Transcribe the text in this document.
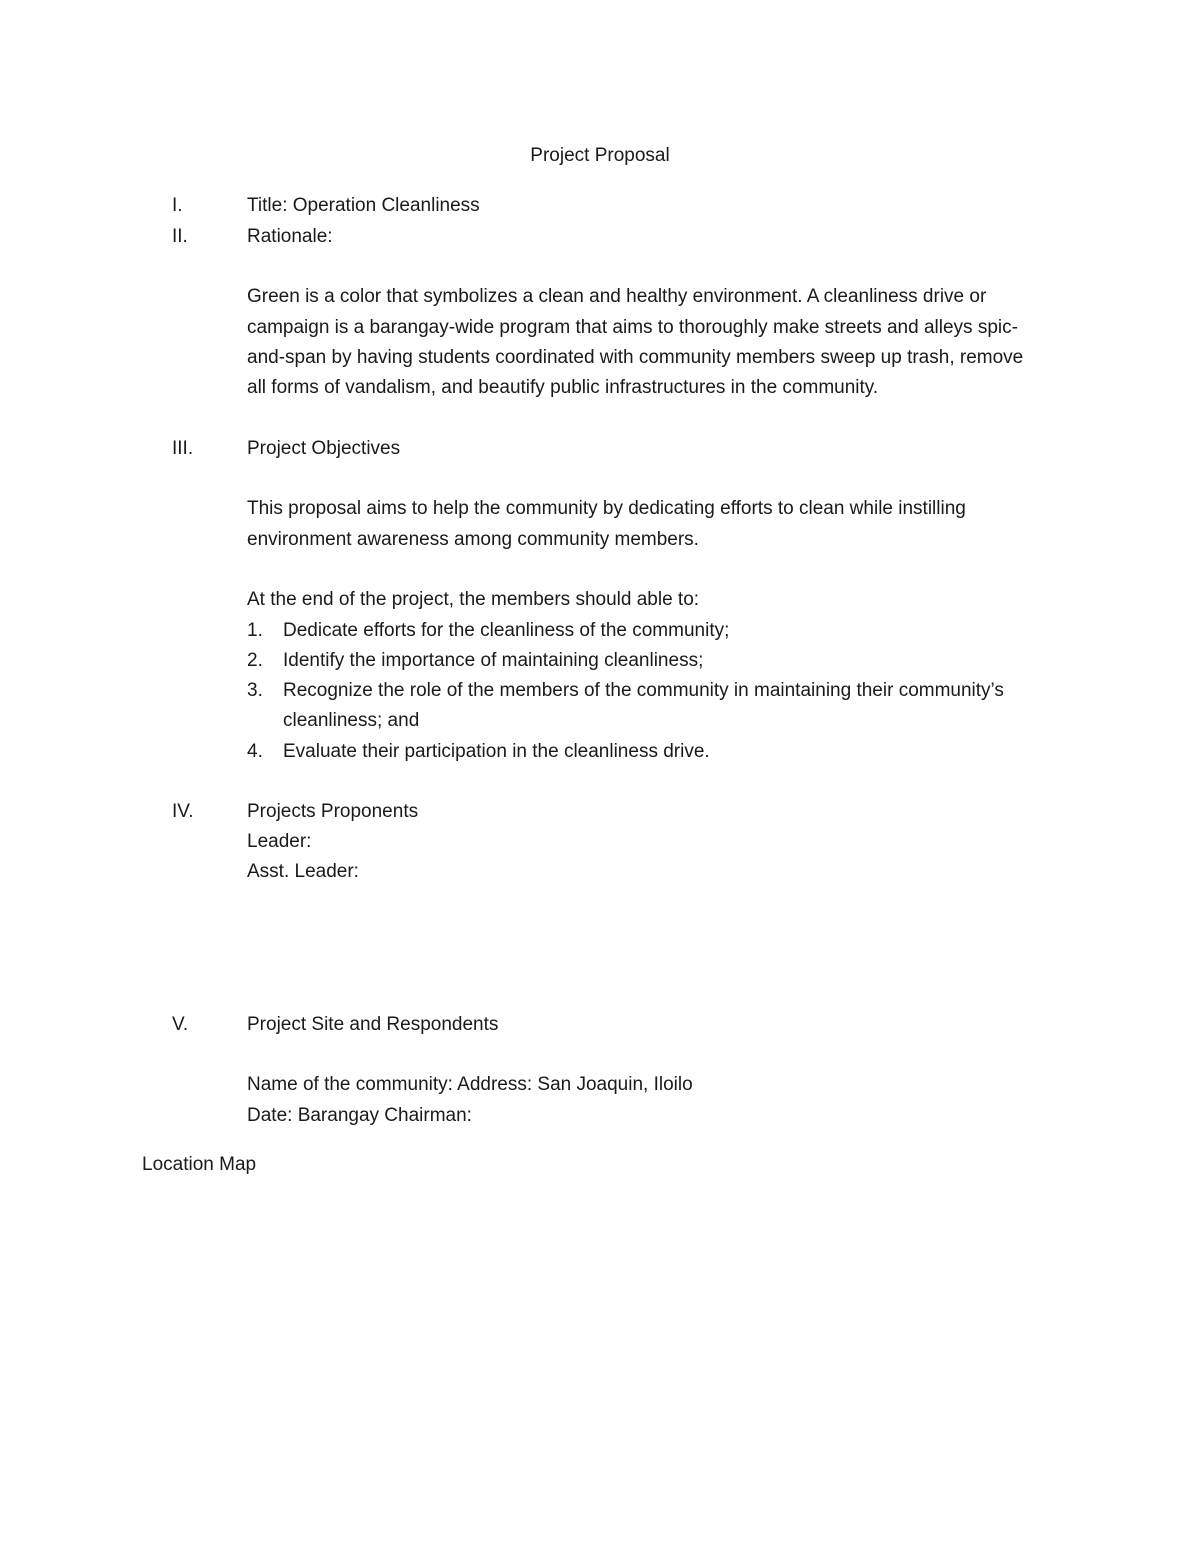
Project Proposal
I.	Title: Operation Cleanliness
II.	Rationale:
Green is a color that symbolizes a clean and healthy environment. A cleanliness drive or
campaign is a barangay-wide program that aims to thoroughly make streets and alleys spic-
and-span by having students coordinated with community members sweep up trash, remove
all forms of vandalism, and beautify public infrastructures in the community.
III.	Project Objectives
This proposal aims to help the community by dedicating efforts to clean while instilling
environment awareness among community members.
At the end of the project, the members should able to:
1. Dedicate efforts for the cleanliness of the community;
2. Identify the importance of maintaining cleanliness;
3. Recognize the role of the members of the community in maintaining their community’s
cleanliness; and
4. Evaluate their participation in the cleanliness drive.
IV.	Projects Proponents
Leader:
Asst. Leader:
V.	Project Site and Respondents
Name of the community: Address: San Joaquin, Iloilo
Date: Barangay Chairman:
Location Map
